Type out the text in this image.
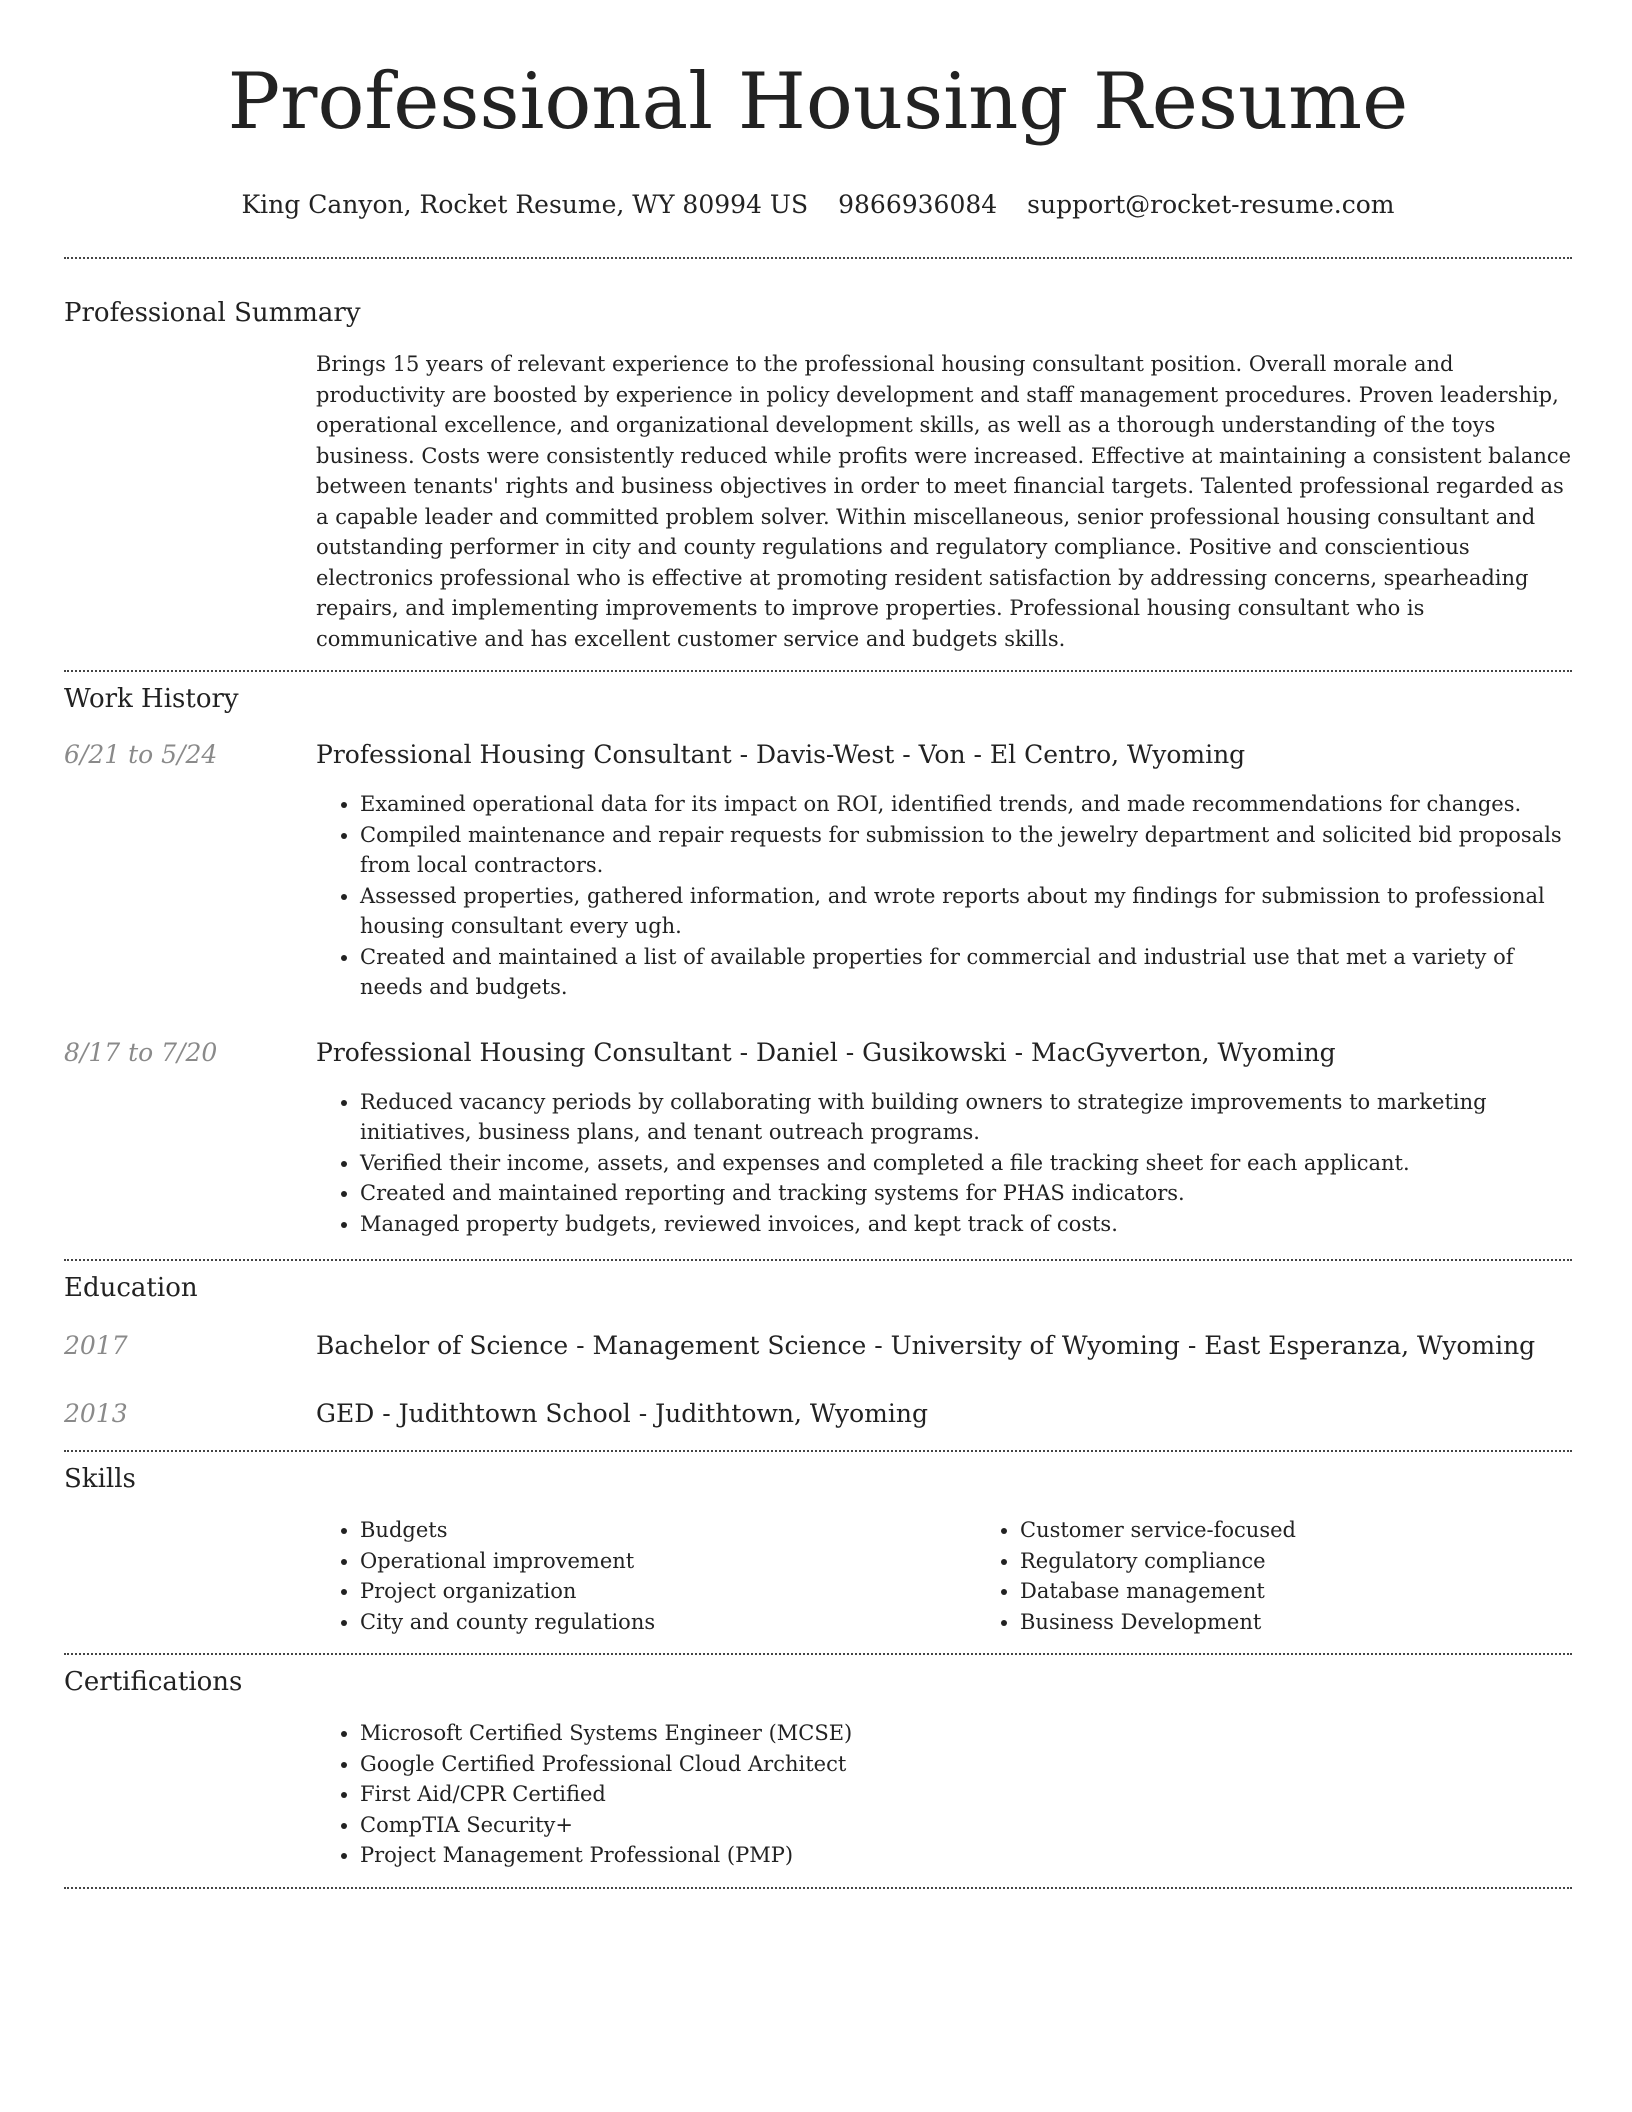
Professional Housing Resume
King Canyon, Rocket Resume, WY 80994 US 9866936084 support@rocket-resume.com
Professional Summary

Brings 15 years of relevant experience to the professional housing consultant position. Overall morale and productivity are boosted by experience in policy development and staff management procedures. Proven leadership, operational excellence, and organizational development skills, as well as a thorough understanding of the toys business. Costs were consistently reduced while profits were increased. Effective at maintaining a consistent balance between tenants' rights and business objectives in order to meet financial targets. Talented professional regarded as a capable leader and committed problem solver. Within miscellaneous, senior professional housing consultant and outstanding performer in city and county regulations and regulatory compliance. Positive and conscientious electronics professional who is effective at promoting resident satisfaction by addressing concerns, spearheading repairs, and implementing improvements to improve properties. Professional housing consultant who is communicative and has excellent customer service and budgets skills.

Work History
6/21 to 5/24	Professional Housing Consultant - Davis-West - Von - El Centro, Wyoming
• Examined operational data for its impact on ROI, identified trends, and made recommendations for changes.
• Compiled maintenance and repair requests for submission to the jewelry department and solicited bid proposals from local contractors.
• Assessed properties, gathered information, and wrote reports about my findings for submission to professional housing consultant every ugh.
• Created and maintained a list of available properties for commercial and industrial use that met a variety of needs and budgets.
8/17 to 7/20	Professional Housing Consultant - Daniel - Gusikowski - MacGyverton, Wyoming
• Reduced vacancy periods by collaborating with building owners to strategize improvements to marketing initiatives, business plans, and tenant outreach programs.
• Verified their income, assets, and expenses and completed a file tracking sheet for each applicant.
• Created and maintained reporting and tracking systems for PHAS indicators.
• Managed property budgets, reviewed invoices, and kept track of costs.
Education
2017	Bachelor of Science - Management Science - University of Wyoming - East Esperanza, Wyoming
2013	GED - Judithtown School - Judithtown, Wyoming
Skills
• Budgets
• Operational improvement
• Project organization
• City and county regulations
• Customer service-focused
• Regulatory compliance
• Database management
• Business Development
Certifications
• Microsoft Certified Systems Engineer (MCSE)
• Google Certified Professional Cloud Architect
• First Aid/CPR Certified
• CompTIA Security+
• Project Management Professional (PMP)
